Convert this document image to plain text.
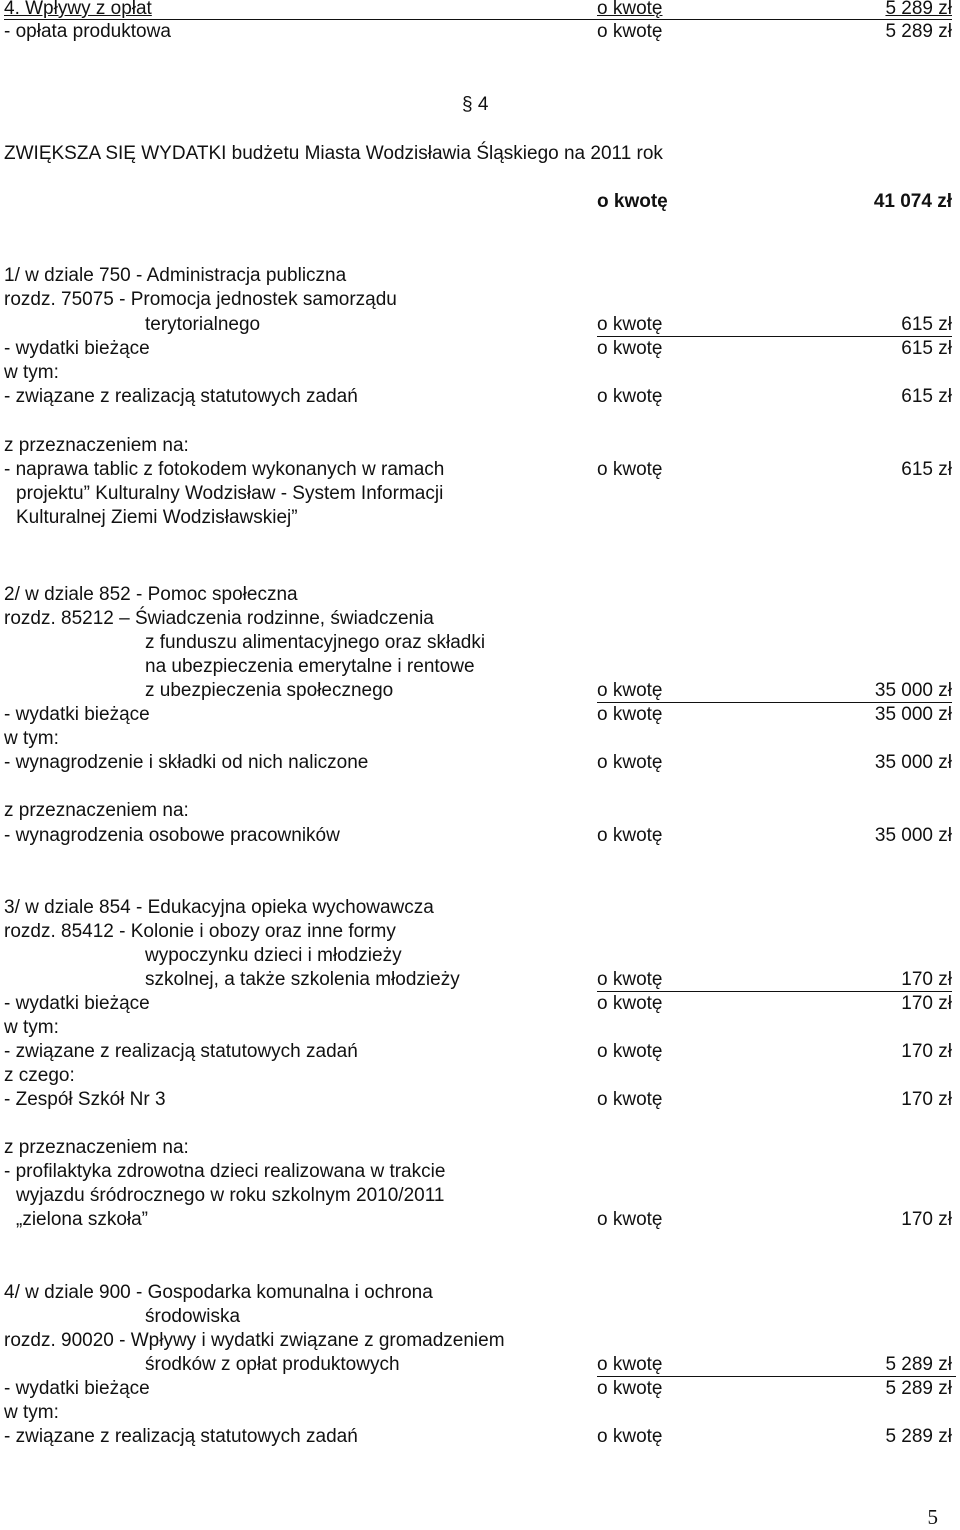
4. Wpływy z opłat	o kwotę	5 289 zł
- opłata produktowa	o kwotę	5 289 zł
§ 4
ZWIĘKSZA SIĘ WYDATKI budżetu Miasta Wodzisławia Śląskiego na 2011 rok
o kwotę	41 074 zł
1/ w dziale 750 - Administracja publiczna
rozdz. 75075 - Promocja jednostek samorządu
terytorialnego	o kwotę	615 zł
- wydatki bieżące	o kwotę	615 zł
w tym:
- związane z realizacją statutowych zadań	o kwotę	615 zł
z przeznaczeniem na:
- naprawa tablic z fotokodem wykonanych w ramach	o kwotę	615 zł
projektu” Kulturalny Wodzisław - System Informacji
Kulturalnej Ziemi Wodzisławskiej”
2/ w dziale 852 - Pomoc społeczna
rozdz. 85212 – Świadczenia rodzinne, świadczenia
z funduszu alimentacyjnego oraz składki
na ubezpieczenia emerytalne i rentowe
z ubezpieczenia społecznego	o kwotę	35 000 zł
- wydatki bieżące	o kwotę	35 000 zł
w tym:
- wynagrodzenie i składki od nich naliczone	o kwotę	35 000 zł
z przeznaczeniem na:
- wynagrodzenia osobowe pracowników	o kwotę	35 000 zł
3/ w dziale 854 - Edukacyjna opieka wychowawcza
rozdz. 85412 - Kolonie i obozy oraz inne formy
wypoczynku dzieci i młodzieży
szkolnej, a także szkolenia młodzieży	o kwotę	170 zł
- wydatki bieżące	o kwotę	170 zł
w tym:
- związane z realizacją statutowych zadań	o kwotę	170 zł
z czego:
- Zespół Szkół Nr 3	o kwotę	170 zł
z przeznaczeniem na:
- profilaktyka zdrowotna dzieci realizowana w trakcie
wyjazdu śródrocznego w roku szkolnym 2010/2011
„zielona szkoła”	o kwotę	170 zł
4/ w dziale 900 - Gospodarka komunalna i ochrona
środowiska
rozdz. 90020 - Wpływy i wydatki związane z gromadzeniem
środków z opłat produktowych	o kwotę	5 289 zł
- wydatki bieżące	o kwotę	5 289 zł
w tym:
- związane z realizacją statutowych zadań	o kwotę	5 289 zł
5
